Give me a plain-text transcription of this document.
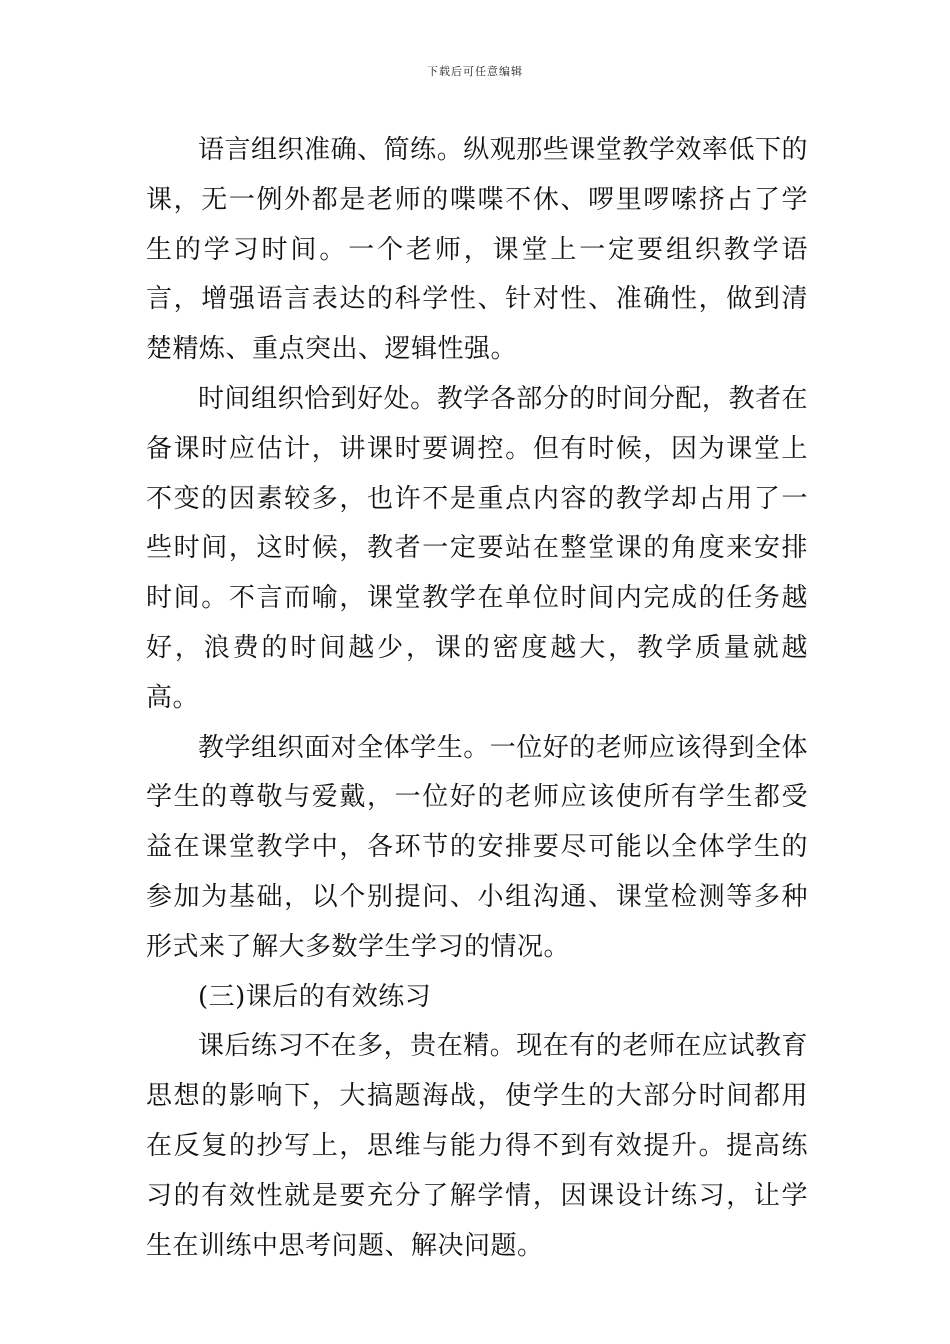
下载后可任意编辑

语言组织准确、简练。纵观那些课堂教学效率低下的课，无一例外都是老师的喋喋不休、啰里啰嗦挤占了学生的学习时间。一个老师，课堂上一定要组织教学语言，增强语言表达的科学性、针对性、准确性，做到清楚精炼、重点突出、逻辑性强。

时间组织恰到好处。教学各部分的时间分配，教者在备课时应估计，讲课时要调控。但有时候，因为课堂上不变的因素较多，也许不是重点内容的教学却占用了一些时间，这时候，教者一定要站在整堂课的角度来安排时间。不言而喻，课堂教学在单位时间内完成的任务越好，浪费的时间越少，课的密度越大，教学质量就越高。

教学组织面对全体学生。一位好的老师应该得到全体学生的尊敬与爱戴，一位好的老师应该使所有学生都受益在课堂教学中，各环节的安排要尽可能以全体学生的参加为基础，以个别提问、小组沟通、课堂检测等多种形式来了解大多数学生学习的情况。

(三)课后的有效练习

课后练习不在多，贵在精。现在有的老师在应试教育思想的影响下，大搞题海战，使学生的大部分时间都用在反复的抄写上，思维与能力得不到有效提升。提高练习的有效性就是要充分了解学情，因课设计练习，让学生在训练中思考问题、解决问题。
